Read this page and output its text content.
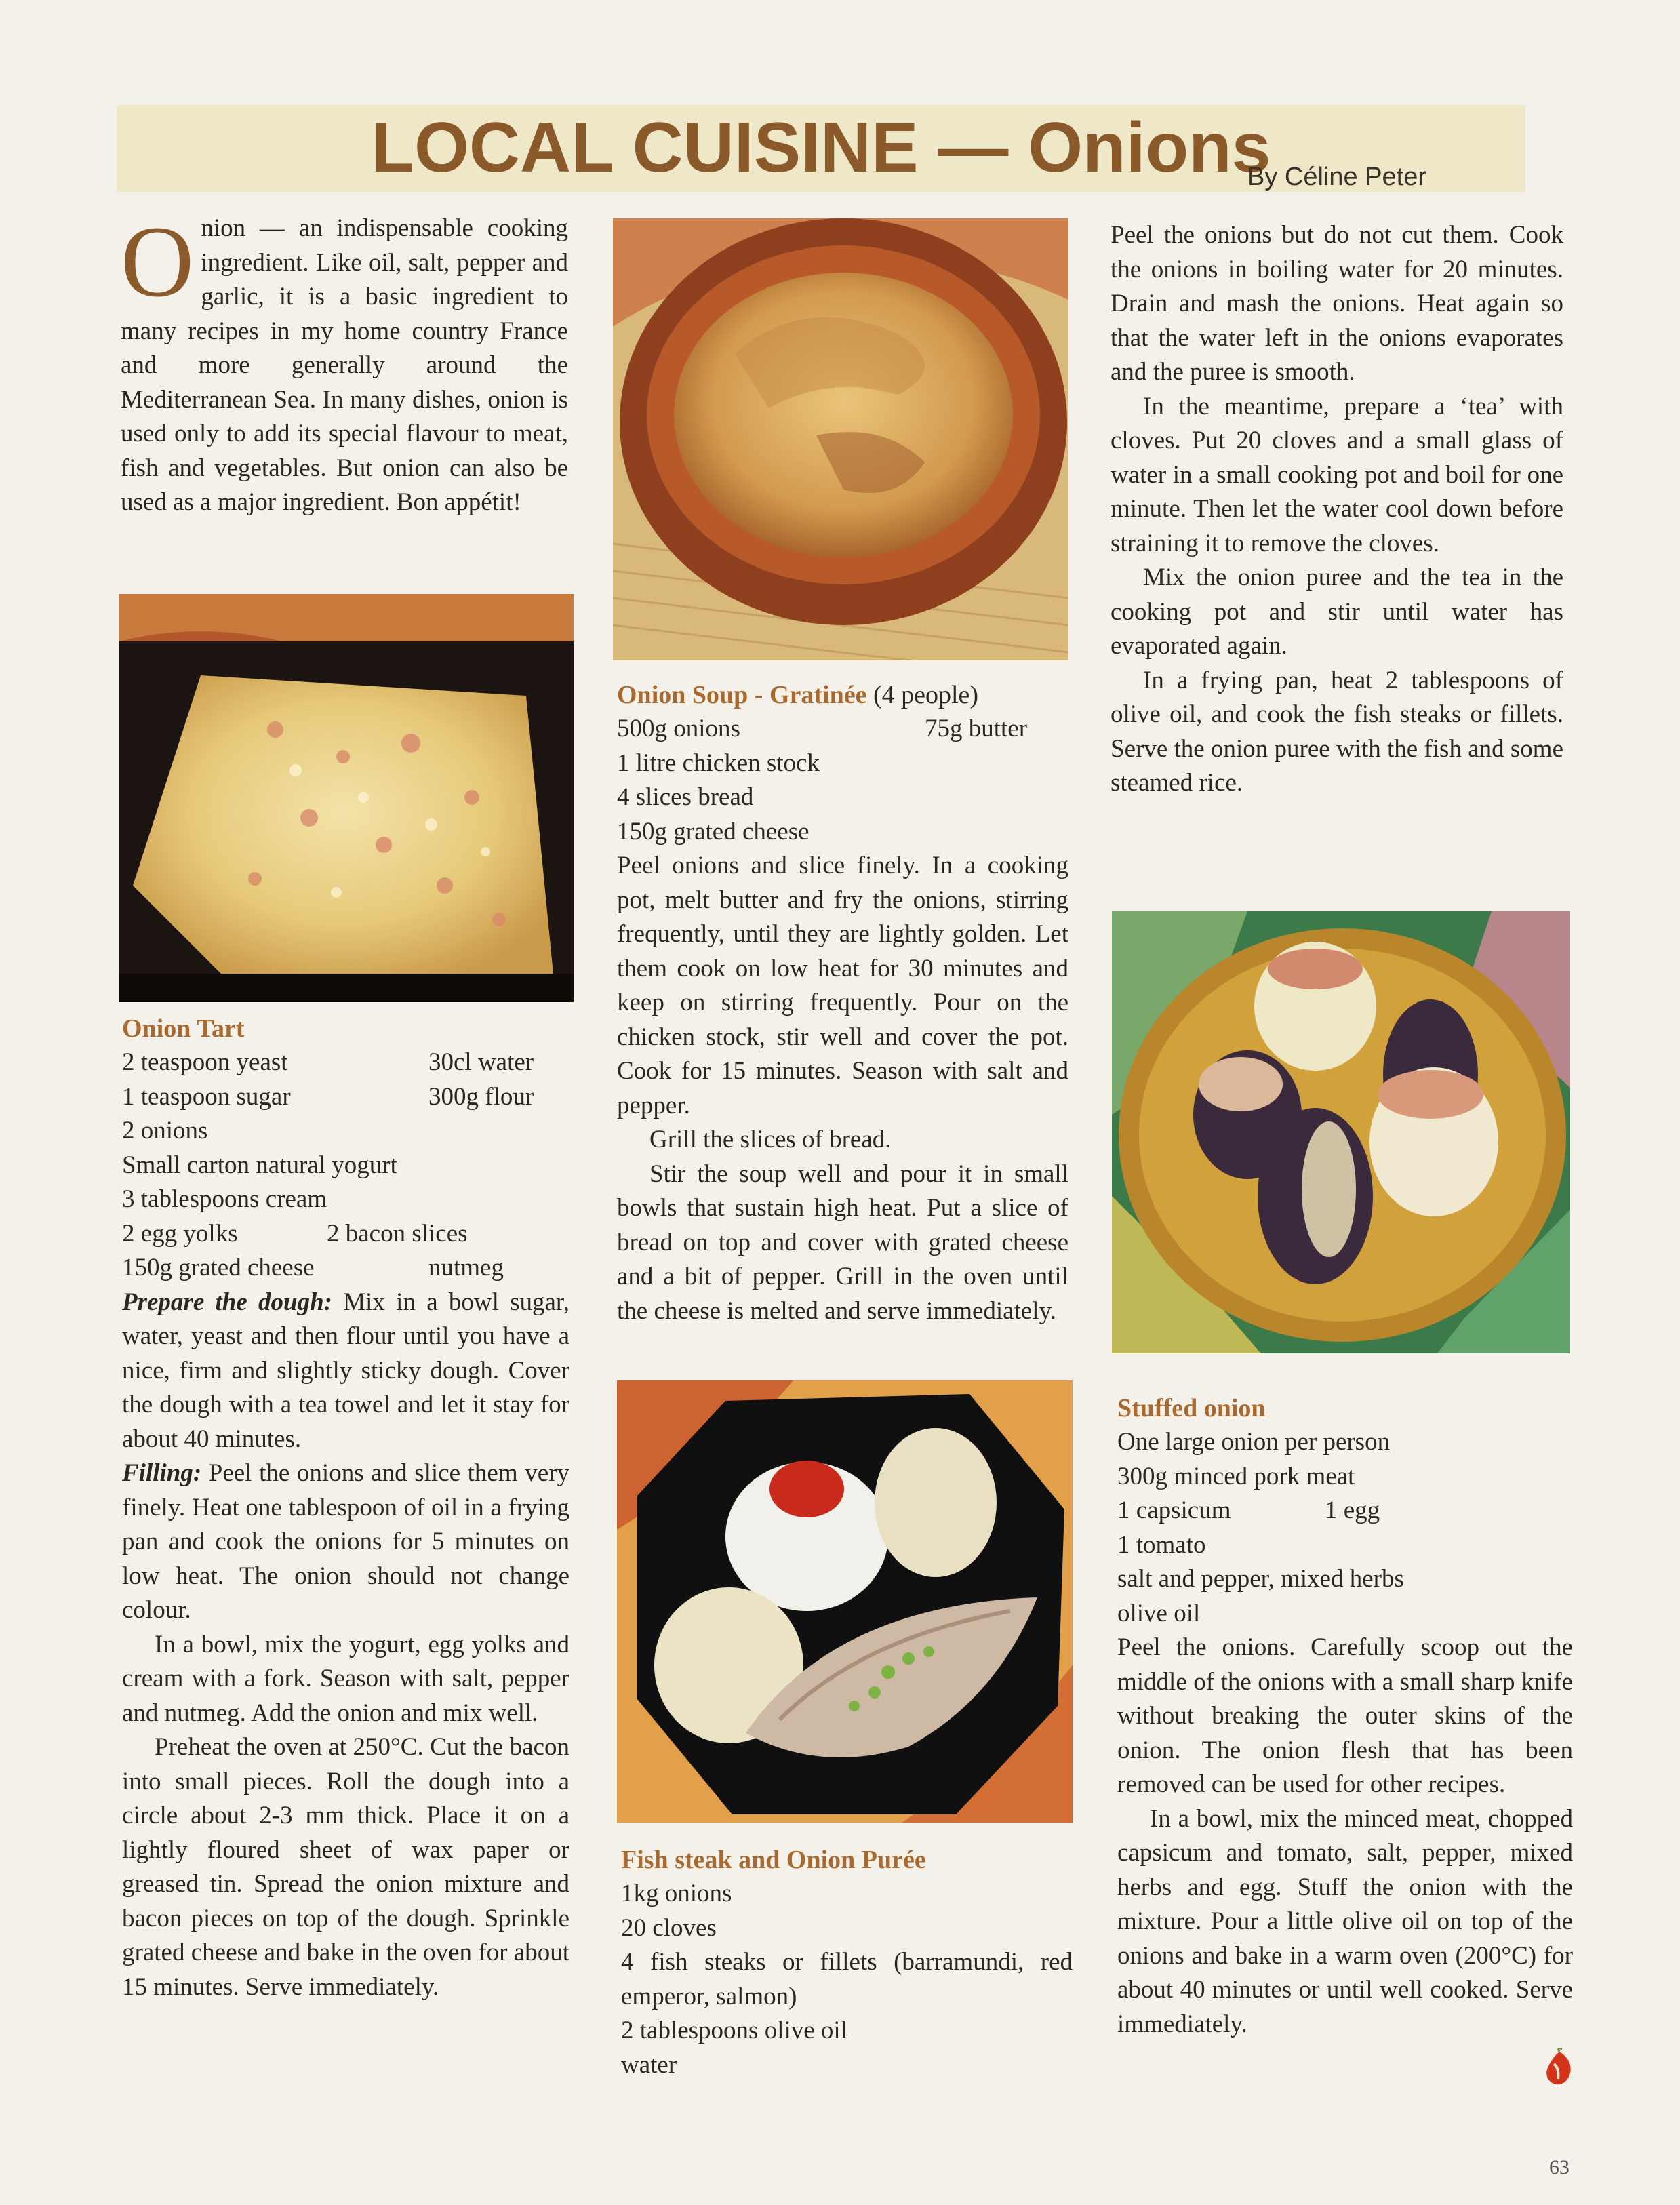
LOCAL CUISINE — Onions
By Céline Peter

Onion — an indispensable cooking ingredient. Like oil, salt, pepper and garlic, it is a basic ingredient to many recipes in my home country France and more generally around the Mediterranean Sea. In many dishes, onion is used only to add its special flavour to meat, fish and vegetables. But onion can also be used as a major ingredient. Bon appétit!

Onion Tart
2 teaspoon yeast	30cl water
1 teaspoon sugar	300g flour
2 onions
Small carton natural yogurt
3 tablespoons cream
2 egg yolks	2 bacon slices
150g grated cheese	nutmeg

Prepare the dough: Mix in a bowl sugar, water, yeast and then flour until you have a nice, firm and slightly sticky dough. Cover the dough with a tea towel and let it stay for about 40 minutes.

Filling: Peel the onions and slice them very finely. Heat one tablespoon of oil in a frying pan and cook the onions for 5 minutes on low heat. The onion should not change colour.

In a bowl, mix the yogurt, egg yolks and cream with a fork. Season with salt, pepper and nutmeg. Add the onion and mix well.

Preheat the oven at 250°C. Cut the bacon into small pieces. Roll the dough into a circle about 2-3 mm thick. Place it on a lightly floured sheet of wax paper or greased tin. Spread the onion mixture and bacon pieces on top of the dough. Sprinkle grated cheese and bake in the oven for about 15 minutes. Serve immediately.

Onion Soup - Gratinée (4 people)
500g onions	75g butter
1 litre chicken stock
4 slices bread
150g grated cheese

Peel onions and slice finely. In a cooking pot, melt butter and fry the onions, stirring frequently, until they are lightly golden. Let them cook on low heat for 30 minutes and keep on stirring frequently. Pour on the chicken stock, stir well and cover the pot. Cook for 15 minutes. Season with salt and pepper.

Grill the slices of bread.

Stir the soup well and pour it in small bowls that sustain high heat. Put a slice of bread on top and cover with grated cheese and a bit of pepper. Grill in the oven until the cheese is melted and serve immediately.

Fish steak and Onion Purée
1kg onions
20 cloves

4 fish steaks or fillets (barramundi, red emperor, salmon)

2 tablespoons olive oil
water

Peel the onions but do not cut them. Cook the onions in boiling water for 20 minutes. Drain and mash the onions. Heat again so that the water left in the onions evaporates and the puree is smooth.

In the meantime, prepare a ‘tea’ with cloves. Put 20 cloves and a small glass of water in a small cooking pot and boil for one minute. Then let the water cool down before straining it to remove the cloves.

Mix the onion puree and the tea in the cooking pot and stir until water has evaporated again.

In a frying pan, heat 2 tablespoons of olive oil, and cook the fish steaks or fillets. Serve the onion puree with the fish and some steamed rice.

Stuffed onion
One large onion per person
300g minced pork meat
1 capsicum	1 egg
1 tomato
salt and pepper, mixed herbs
olive oil

Peel the onions. Carefully scoop out the middle of the onions with a small sharp knife without breaking the outer skins of the onion. The onion flesh that has been removed can be used for other recipes.

In a bowl, mix the minced meat, chopped capsicum and tomato, salt, pepper, mixed herbs and egg. Stuff the onion with the mixture. Pour a little olive oil on top of the onions and bake in a warm oven (200°C) for about 40 minutes or until well cooked. Serve immediately.

63
